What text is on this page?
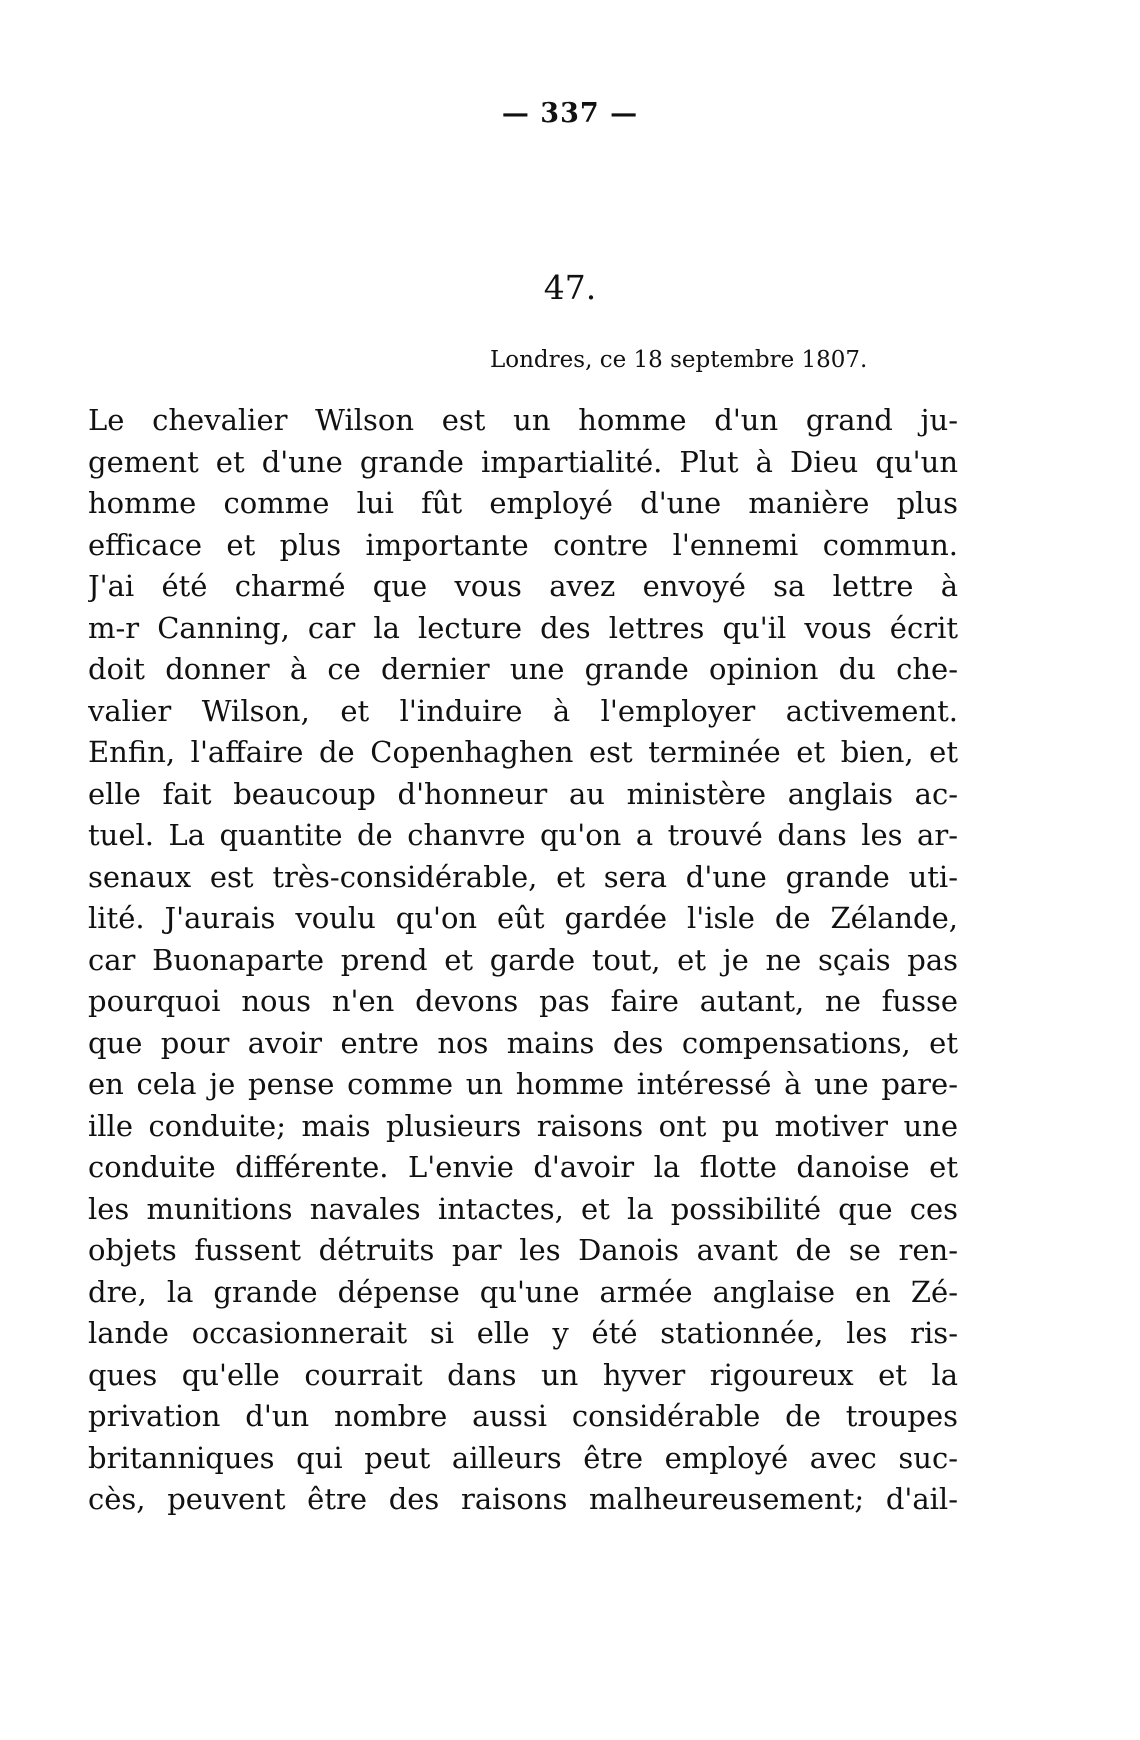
— 337 —
47.
Londres, ce 18 septembre 1807.
Le chevalier Wilson est un homme d'un grand ju-
gement et d'une grande impartialité. Plut à Dieu qu'un
homme comme lui fût employé d'une manière plus
efficace et plus importante contre l'ennemi commun.
J'ai été charmé que vous avez envoyé sa lettre à
m-r Canning, car la lecture des lettres qu'il vous écrit
doit donner à ce dernier une grande opinion du che-
valier Wilson, et l'induire à l'employer activement.
Enfin, l'affaire de Copenhaghen est terminée et bien, et
elle fait beaucoup d'honneur au ministère anglais ac-
tuel. La quantite de chanvre qu'on a trouvé dans les ar-
senaux est très-considérable, et sera d'une grande uti-
lité. J'aurais voulu qu'on eût gardée l'isle de Zélande,
car Buonaparte prend et garde tout, et je ne sçais pas
pourquoi nous n'en devons pas faire autant, ne fusse
que pour avoir entre nos mains des compensations, et
en cela je pense comme un homme intéressé à une pare-
ille conduite; mais plusieurs raisons ont pu motiver une
conduite différente. L'envie d'avoir la flotte danoise et
les munitions navales intactes, et la possibilité que ces
objets fussent détruits par les Danois avant de se ren-
dre, la grande dépense qu'une armée anglaise en Zé-
lande occasionnerait si elle y été stationnée, les ris-
ques qu'elle courrait dans un hyver rigoureux et la
privation d'un nombre aussi considérable de troupes
britanniques qui peut ailleurs être employé avec suc-
cès, peuvent être des raisons malheureusement; d'ail-
